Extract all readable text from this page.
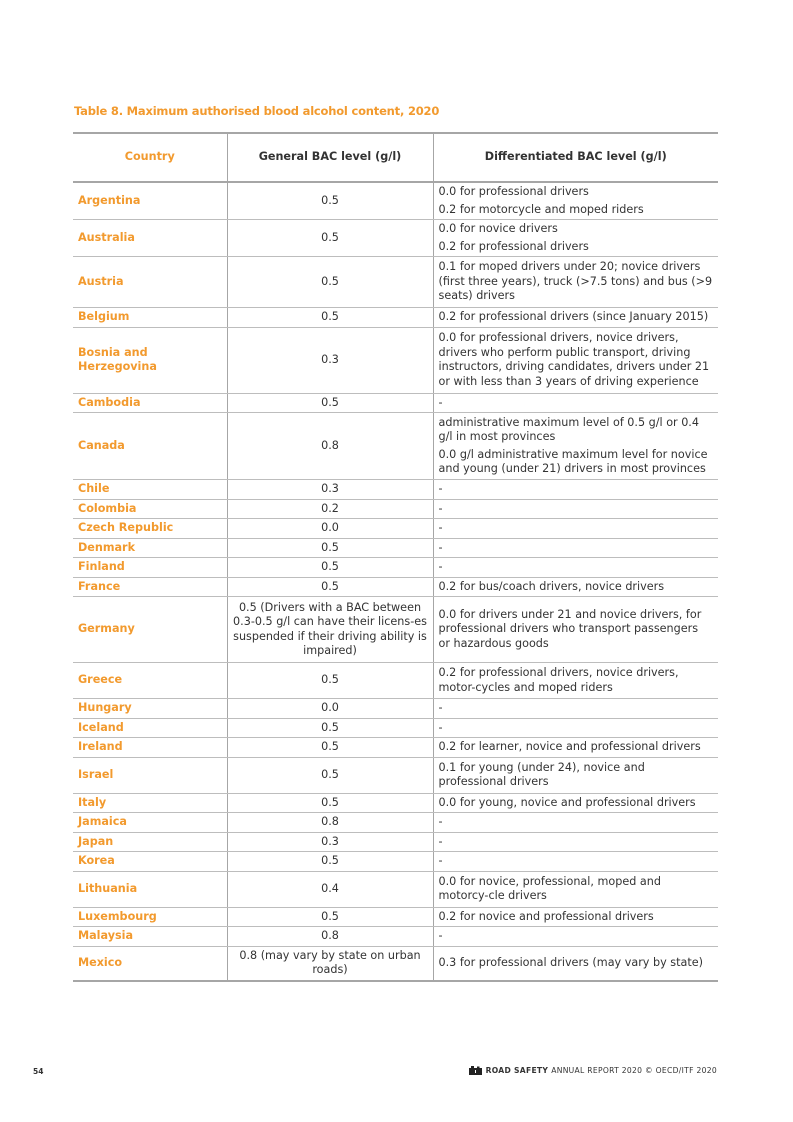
Table 8. Maximum authorised blood alcohol content, 2020
Country	General BAC level (g/l)	Differentiated BAC level (g/l)
Argentina	0.5	0.0 for professional drivers
0.2 for motorcycle and moped riders

Australia	0.5	0.0 for novice drivers
0.2 for professional drivers

Austria	0.5	0.1 for moped drivers under 20; novice drivers (first three years), truck (>7.5 tons) and bus (>9 seats) drivers

Belgium	0.5	0.2 for professional drivers (since January 2015)

Bosnia and Herzegovina	0.3	0.0 for professional drivers, novice drivers, drivers who perform public transport, driving instructors, driving candidates, drivers under 21 or with less than 3 years of driving experience

Cambodia	0.5	-

Canada	0.8	administrative maximum level of 0.5 g/l or 0.4 g/l in most provinces
0.0 g/l administrative maximum level for novice and young (under 21) drivers in most provinces

Chile	0.3	-

Colombia	0.2	-

Czech Republic	0.0	-

Denmark	0.5	-

Finland	0.5	-

France	0.5	0.2 for bus/coach drivers, novice drivers

Germany	0.5 (Drivers with a BAC between 0.3-0.5 g/l can have their licens-es suspended if their driving ability is impaired)	0.0 for drivers under 21 and novice drivers, for professional drivers who transport passengers or hazardous goods

Greece	0.5	0.2 for professional drivers, novice drivers, motor-cycles and moped riders

Hungary	0.0	-

Iceland	0.5	-

Ireland	0.5	0.2 for learner, novice and professional drivers

Israel	0.5	0.1 for young (under 24), novice and professional drivers

Italy	0.5	0.0 for young, novice and professional drivers

Jamaica	0.8	-

Japan	0.3	-

Korea	0.5	-

Lithuania	0.4	0.0 for novice, professional, moped and motorcy-cle drivers

Luxembourg	0.5	0.2 for novice and professional drivers

Malaysia	0.8	-

Mexico	0.8 (may vary by state on urban roads)	0.3 for professional drivers (may vary by state)
54	ROAD SAFETY ANNUAL REPORT 2020 © OECD/ITF 2020
